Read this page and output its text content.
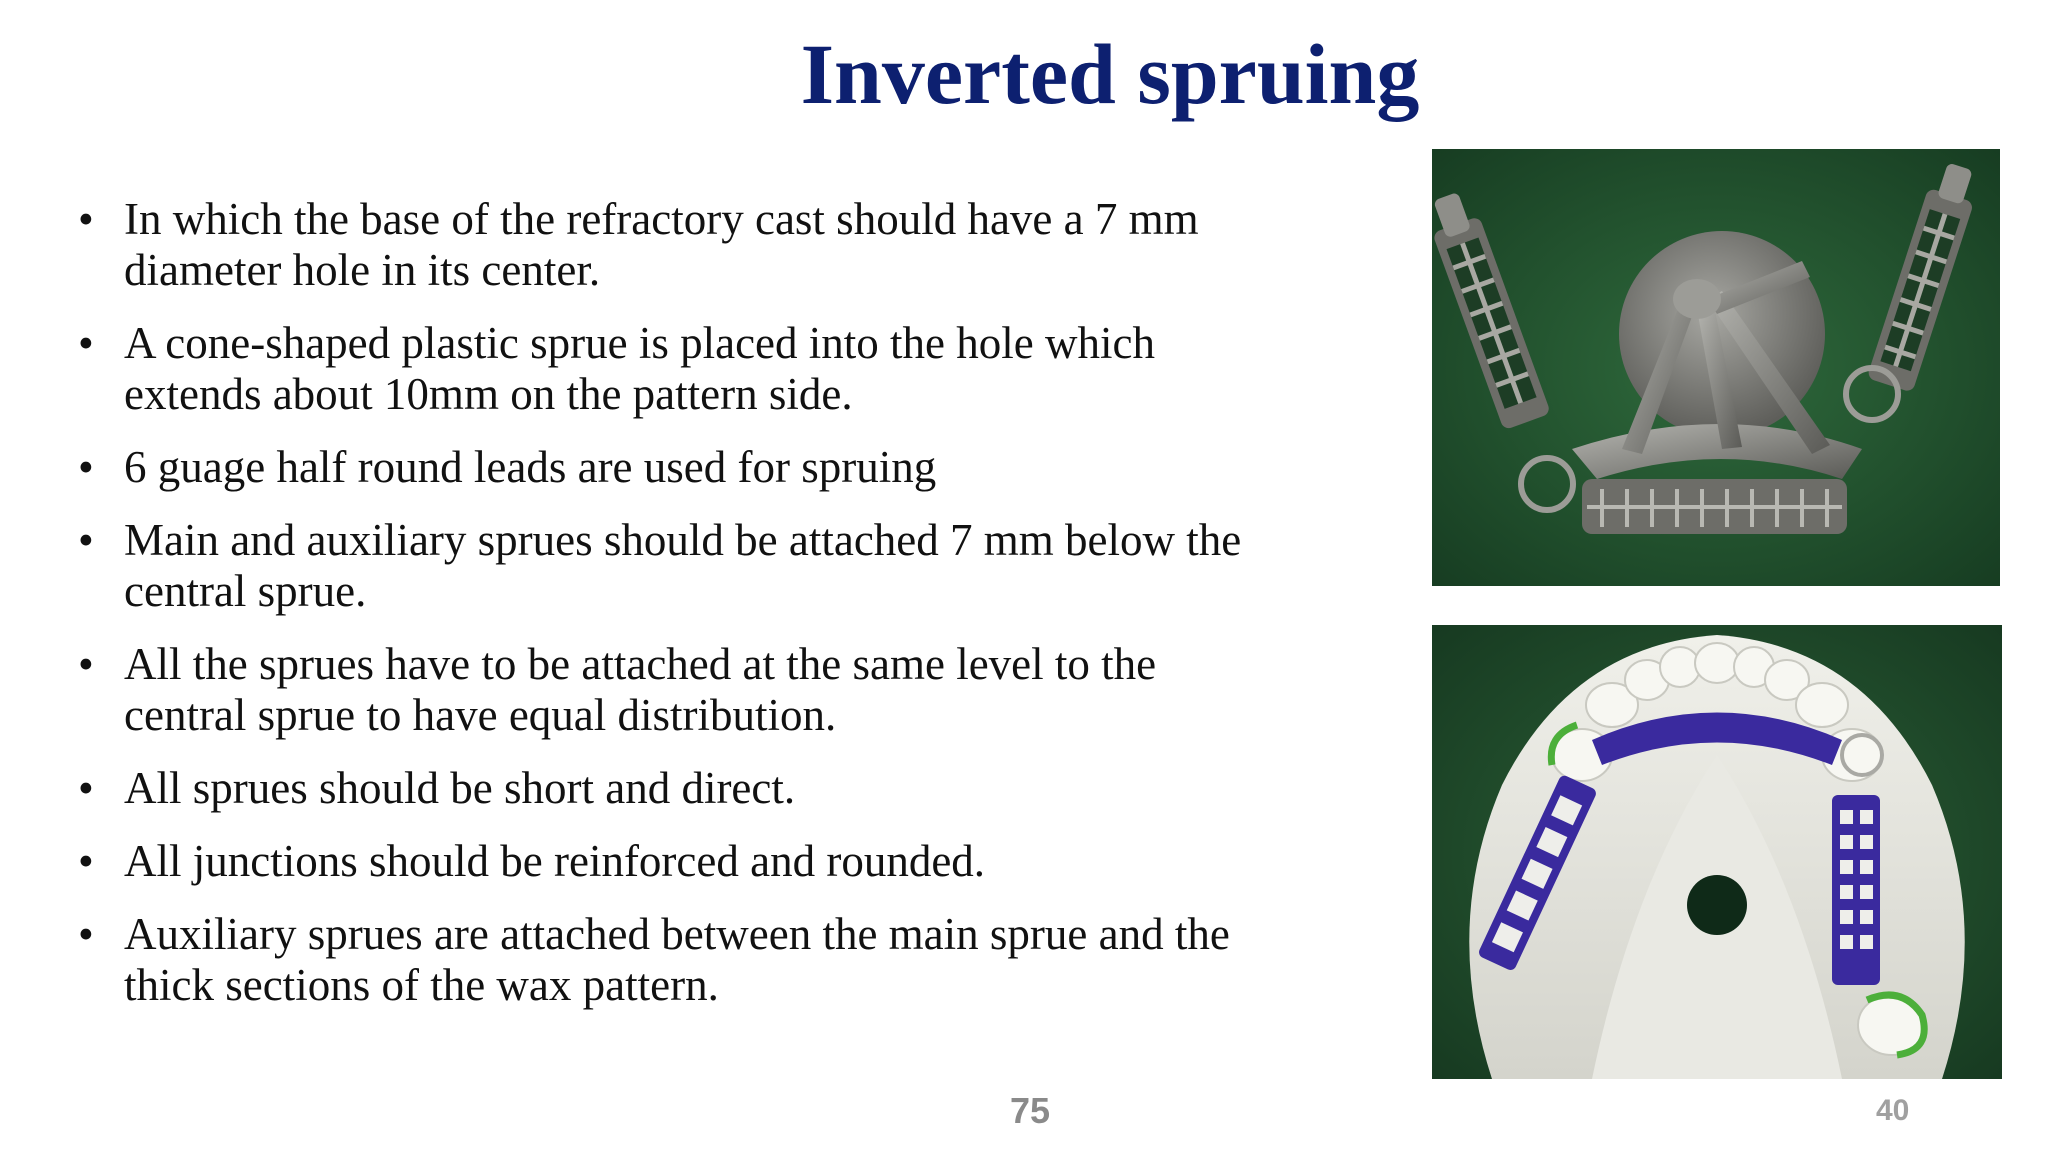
Inverted spruing
• In which the base of the refractory cast should have a 7 mm diameter hole in its center.
• A cone-shaped plastic sprue is placed into the hole which extends about 10mm on the pattern side.
• 6 guage half round leads are used for spruing
• Main and auxiliary sprues should be attached 7 mm below the central sprue.
• All the sprues have to be attached at the same level to the central sprue to have equal distribution.
• All sprues should be short and direct.
• All junctions should be reinforced and rounded.
• Auxiliary sprues are attached between the main sprue and the thick sections of the wax pattern.
75	40
